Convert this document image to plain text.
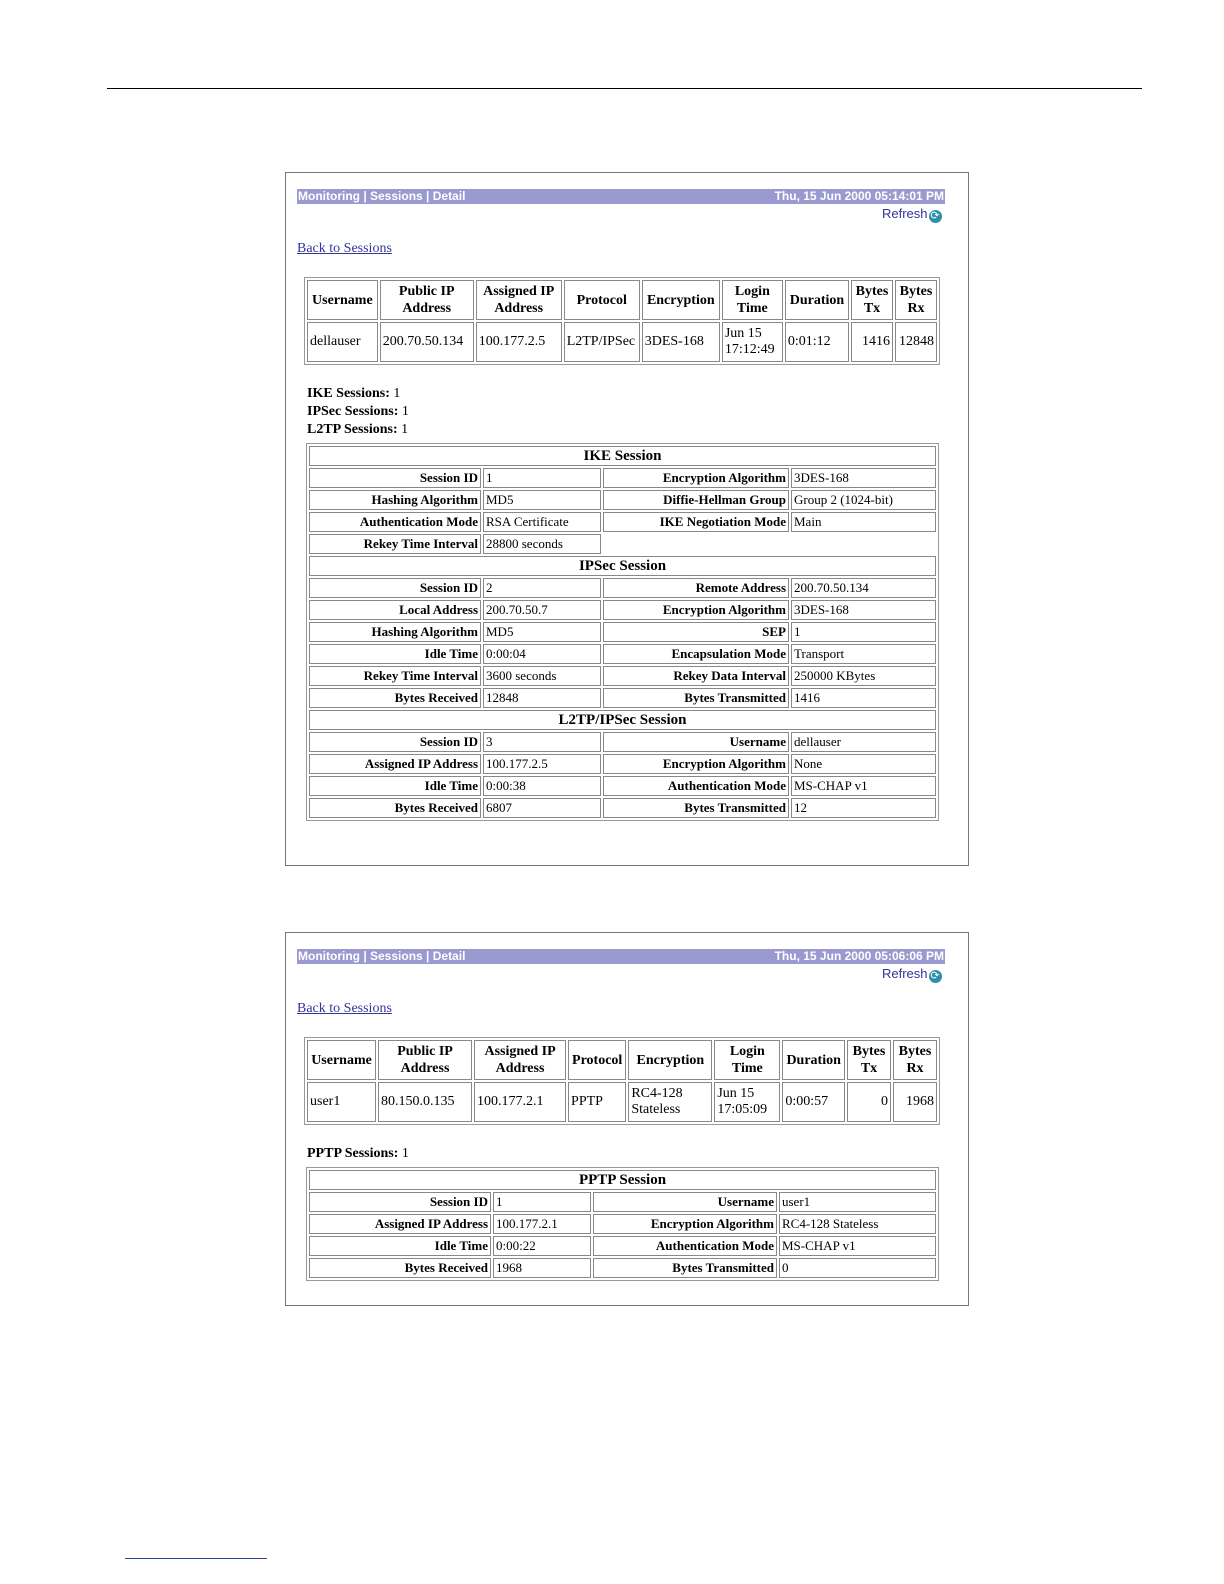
Monitoring | Sessions | Detail	Thu, 15 Jun 2000 05:14:01 PM
Refresh ⟳
Back to Sessions
Username	Public IP Address	Assigned IP Address	Protocol	Encryption	Login Time	Duration	Bytes Tx	Bytes Rx
dellauser	200.70.50.134	100.177.2.5	L2TP/IPSec	3DES-168	Jun 15 17:12:49	0:01:12	1416	12848
IKE Sessions: 1
IPSec Sessions: 1
L2TP Sessions: 1
IKE Session			
Session ID	1	Encryption Algorithm	3DES-168
Hashing Algorithm	MD5	Diffie-Hellman Group	Group 2 (1024-bit)
Authentication Mode	RSA Certificate	IKE Negotiation Mode	Main
Rekey Time Interval	28800 seconds		
IPSec Session			
Session ID	2	Remote Address	200.70.50.134
Local Address	200.70.50.7	Encryption Algorithm	3DES-168
Hashing Algorithm	MD5	SEP	1
Idle Time	0:00:04	Encapsulation Mode	Transport
Rekey Time Interval	3600 seconds	Rekey Data Interval	250000 KBytes
Bytes Received	12848	Bytes Transmitted	1416
L2TP/IPSec Session			
Session ID	3	Username	dellauser
Assigned IP Address	100.177.2.5	Encryption Algorithm	None
Idle Time	0:00:38	Authentication Mode	MS-CHAP v1
Bytes Received	6807	Bytes Transmitted	12
Monitoring | Sessions | Detail	Thu, 15 Jun 2000 05:06:06 PM
Refresh ⟳
Back to Sessions
Username	Public IP Address	Assigned IP Address	Protocol	Encryption	Login Time	Duration	Bytes Tx	Bytes Rx
user1	80.150.0.135	100.177.2.1	PPTP	RC4-128 Stateless	Jun 15 17:05:09	0:00:57	0	1968
PPTP Sessions: 1
PPTP Session			
Session ID	1	Username	user1
Assigned IP Address	100.177.2.1	Encryption Algorithm	RC4-128 Stateless
Idle Time	0:00:22	Authentication Mode	MS-CHAP v1
Bytes Received	1968	Bytes Transmitted	0
